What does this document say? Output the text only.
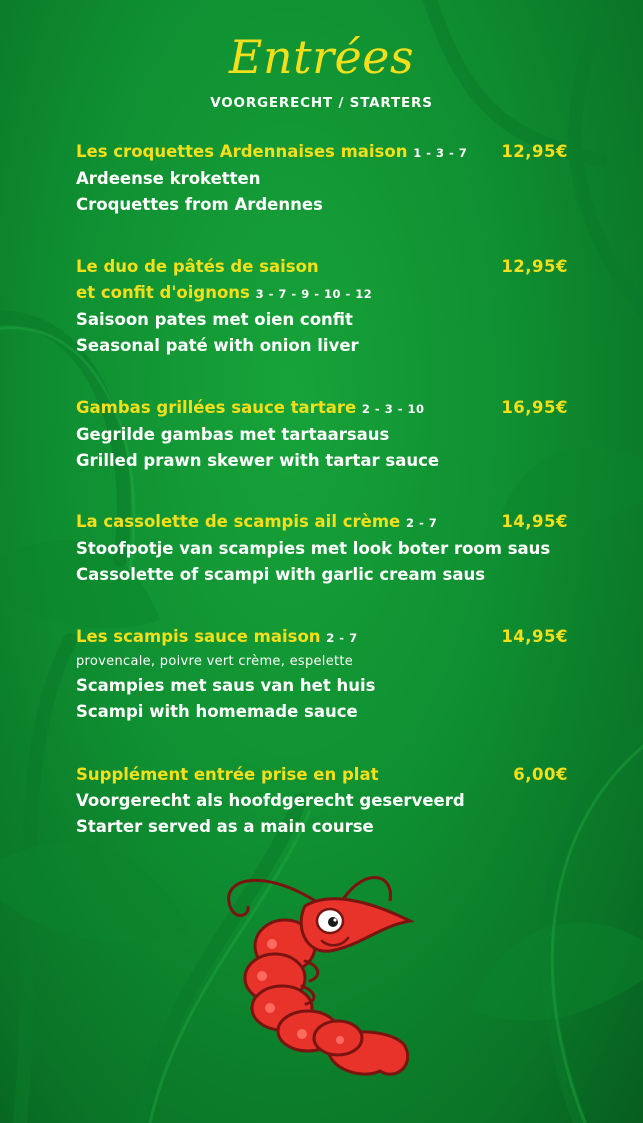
Entrées
VOORGERECHT / STARTERS
Les croquettes Ardennaises maison 1 - 3 - 7
Ardeense kroketten
Croquettes from Ardennes
12,95€
Le duo de pâtés de saison
et confit d'oignons 3 - 7 - 9 - 10 - 12
Saisoon pates met oien confit
Seasonal paté with onion liver
12,95€
Gambas grillées sauce tartare 2 - 3 - 10
Gegrilde gambas met tartaarsaus
Grilled prawn skewer with tartar sauce
16,95€
La cassolette de scampis ail crème 2 - 7
Stoofpotje van scampies met look boter room saus
Cassolette of scampi with garlic cream saus
14,95€
Les scampis sauce maison 2 - 7
provencale, poivre vert crème, espelette
Scampies met saus van het huis
Scampi with homemade sauce
14,95€
Supplément entrée prise en plat
Voorgerecht als hoofdgerecht geserveerd
Starter served as a main course
6,00€
